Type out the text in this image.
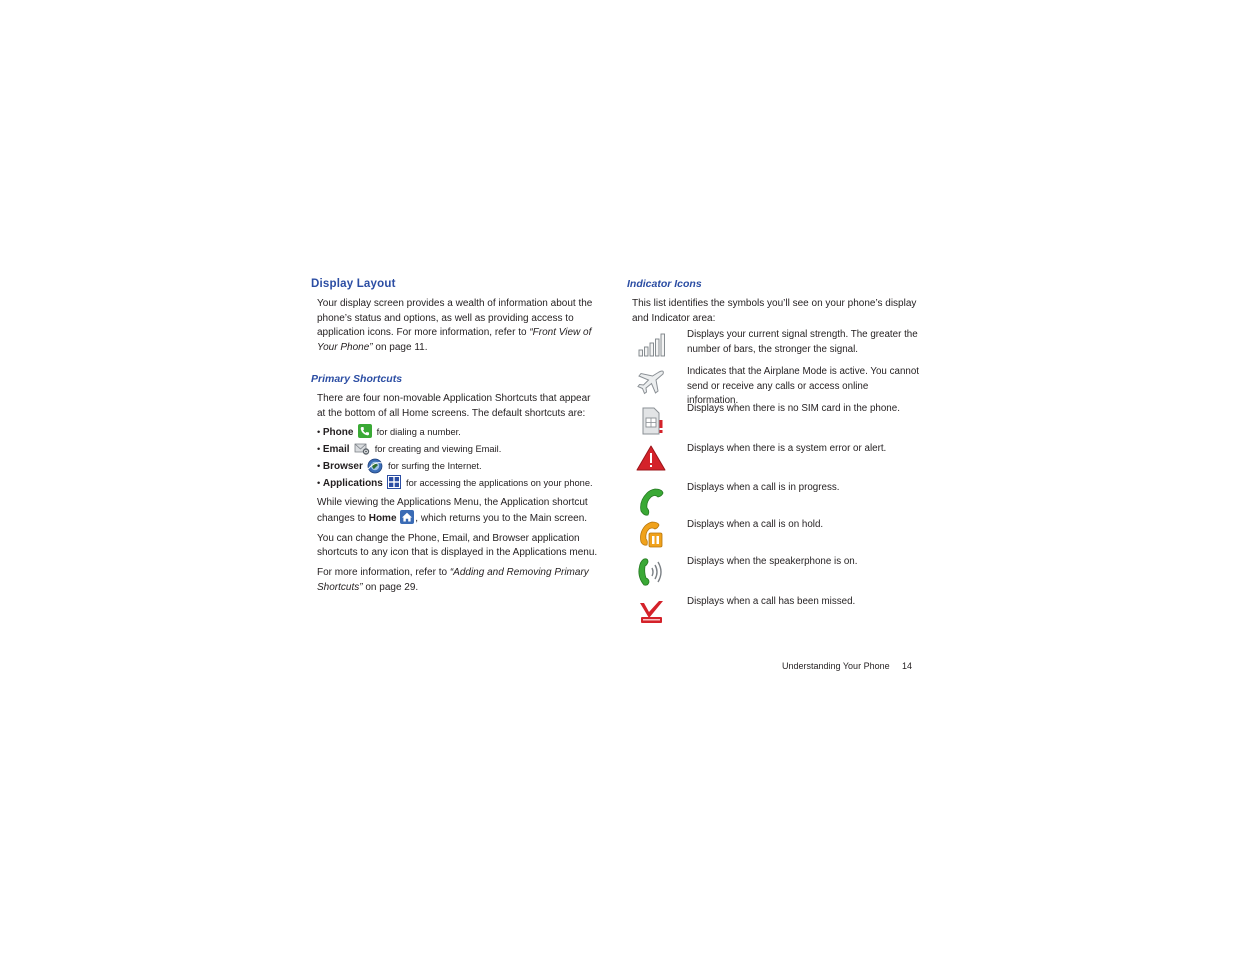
Display Layout

Your display screen provides a wealth of information about the phone’s status and options, as well as providing access to application icons. For more information, refer to “Front View of Your Phone” on page 11.

Primary Shortcuts

There are four non-movable Application Shortcuts that appear at the bottom of all Home screens. The default shortcuts are:

• Phone
for dialing a number.
• Email
for creating and viewing Email.
• Browser
for surfing the Internet.
• Applications
for accessing the applications on your phone.

While viewing the Applications Menu, the Application shortcut changes to Home , which returns you to the Main screen.

You can change the Phone, Email, and Browser application shortcuts to any icon that is displayed in the Applications menu.

For more information, refer to “Adding and Removing Primary Shortcuts” on page 29.

Indicator Icons

This list identifies the symbols you’ll see on your phone’s display and Indicator area:

Displays your current signal strength. The greater the number of bars, the stronger the signal.
Indicates that the Airplane Mode is active. You cannot send or receive any calls or access online information.
Displays when there is no SIM card in the phone.
Displays when there is a system error or alert.
Displays when a call is in progress.
Displays when a call is on hold.
Displays when the speakerphone is on.
Displays when a call has been missed.
Understanding Your Phone 14
